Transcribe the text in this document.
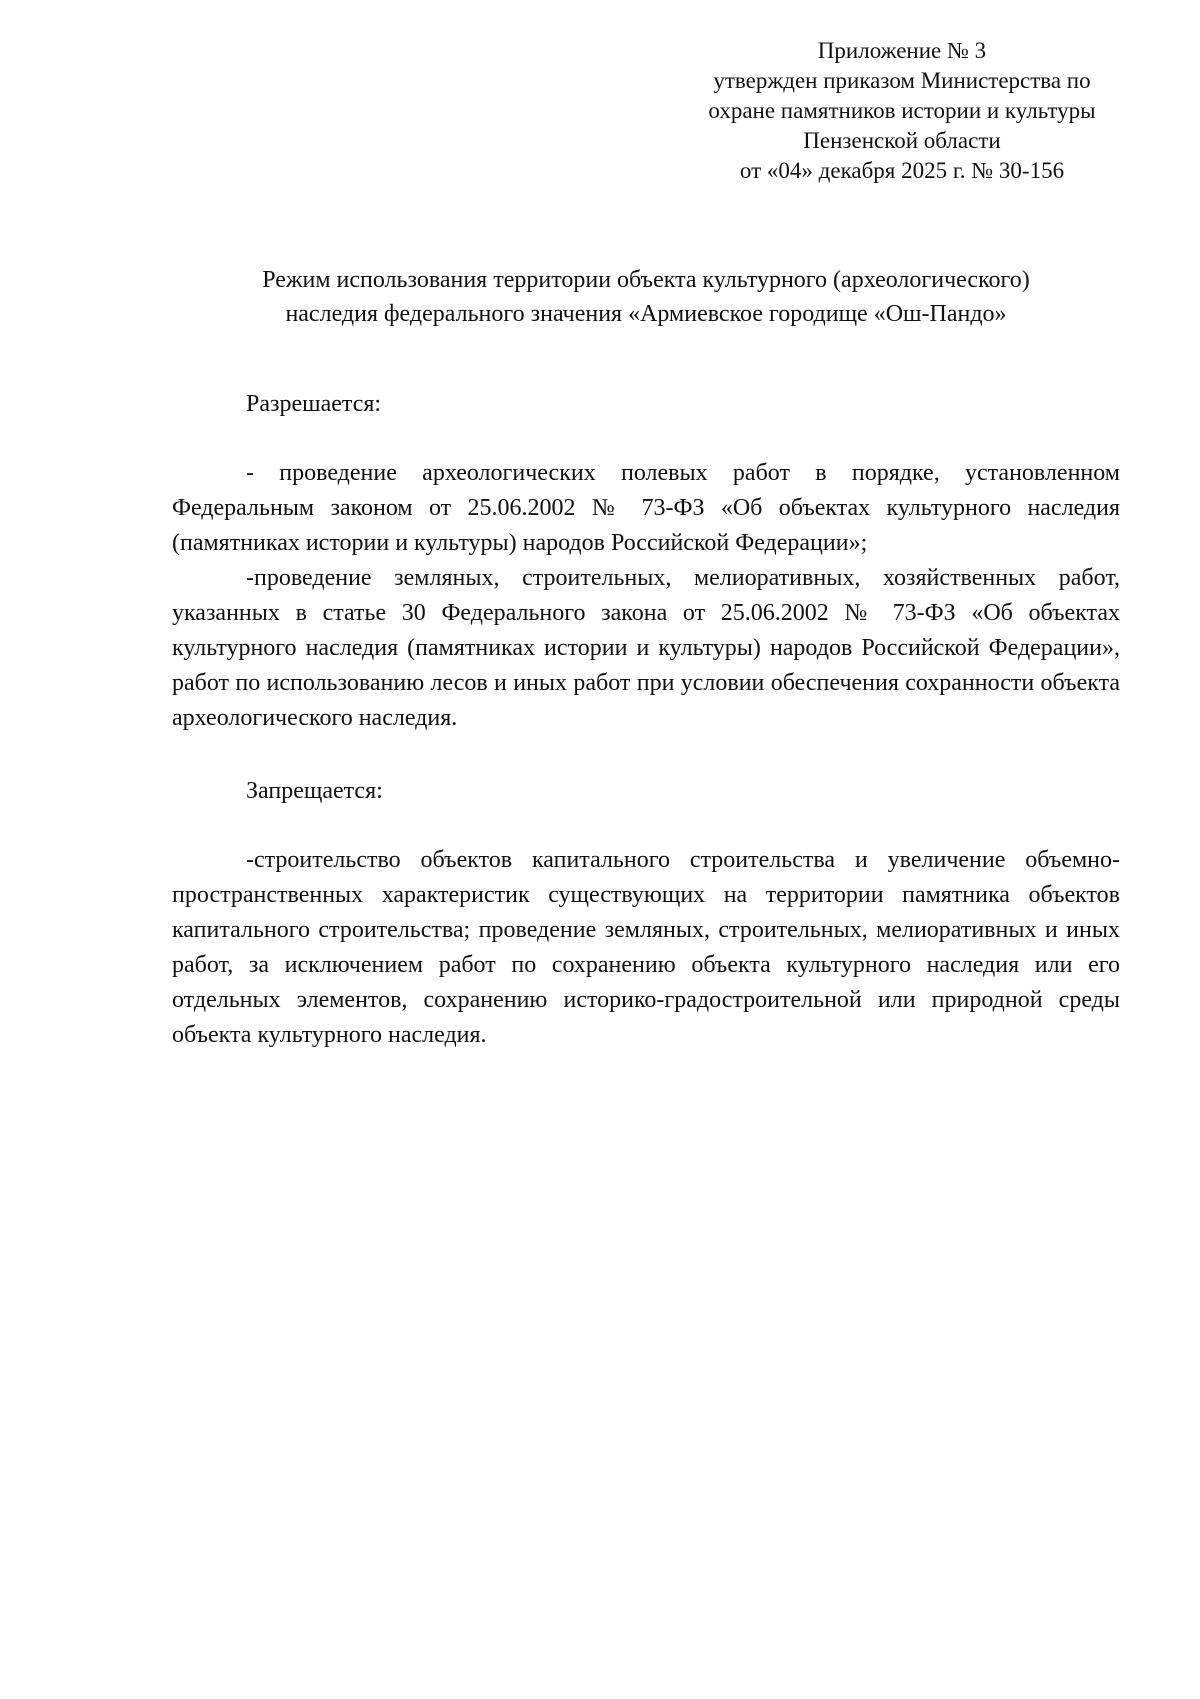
Приложение № 3
утвержден приказом Министерства по
охране памятников истории и культуры
Пензенской области
от «04» декабря 2025 г. № 30-156
Режим использования территории объекта культурного (археологического)
наследия федерального значения «Армиевское городище «Ош-Пандо»
Разрешается:

- проведение археологических полевых работ в порядке, установленном Федеральным законом от 25.06.2002 № 73-ФЗ «Об объектах культурного наследия (памятниках истории и культуры) народов Российской Федерации»;

-проведение земляных, строительных, мелиоративных, хозяйственных работ, указанных в статье 30 Федерального закона от 25.06.2002 № 73-ФЗ «Об объектах культурного наследия (памятниках истории и культуры) народов Российской Федерации», работ по использованию лесов и иных работ при условии обеспечения сохранности объекта археологического наследия.

Запрещается:

-строительство объектов капитального строительства и увеличение объемно-пространственных характеристик существующих на территории памятника объектов капитального строительства; проведение земляных, строительных, мелиоративных и иных работ, за исключением работ по сохранению объекта культурного наследия или его отдельных элементов, сохранению историко-градостроительной или природной среды объекта культурного наследия.
